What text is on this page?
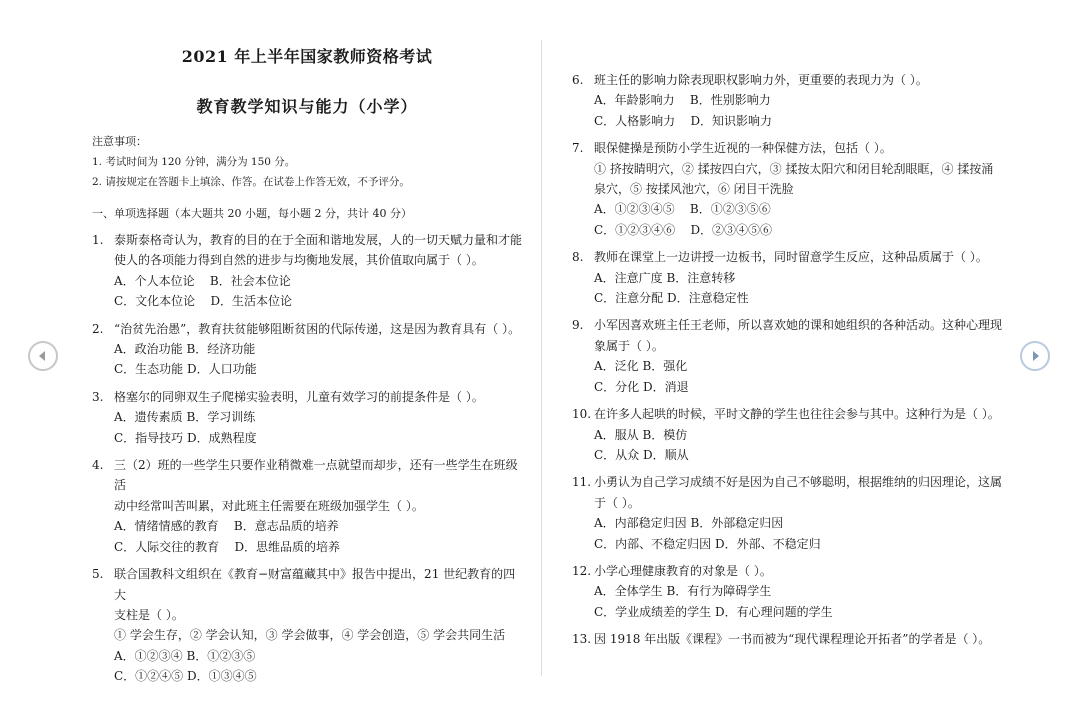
2021 年上半年国家教师资格考试
教育教学知识与能力（小学）
注意事项：
1. 考试时间为 120 分钟，满分为 150 分。
2. 请按规定在答题卡上填涂、作答。在试卷上作答无效，不予评分。
一、单项选择题（本大题共 20 小题，每小题 2 分，共计 40 分）
1. 泰斯泰格奇认为，教育的目的在于全面和谐地发展，人的一切天赋力量和才能
使人的各项能力得到自然的进步与均衡地发展，其价值取向属于（ ）。
A．个人本位论    B．社会本位论
C．文化本位论    D．生活本位论
2. “治贫先治愚”，教育扶贫能够阻断贫困的代际传递，这是因为教育具有（ ）。
A．政治功能 B．经济功能
C．生态功能 D．人口功能
3. 格塞尔的同卵双生子爬梯实验表明，儿童有效学习的前提条件是（ ）。
A．遗传素质 B．学习训练
C．指导技巧 D．成熟程度
4. 三（2）班的一些学生只要作业稍微难一点就望而却步，还有一些学生在班级活
动中经常叫苦叫累，对此班主任需要在班级加强学生（ ）。
A．情绪情感的教育    B．意志品质的培养
C．人际交往的教育    D．思维品质的培养
5. 联合国教科文组织在《教育−财富蕴藏其中》报告中提出，21 世纪教育的四大
支柱是（ ）。
① 学会生存，② 学会认知，③ 学会做事，④ 学会创造，⑤ 学会共同生活
A．①②③④ B．①②③⑤
C．①②④⑤ D．①③④⑤
6. 班主任的影响力除表现职权影响力外，更重要的表现力为（ ）。
A．年龄影响力    B．性别影响力
C．人格影响力    D．知识影响力
7. 眼保健操是预防小学生近视的一种保健方法，包括（ ）。
① 挤按睛明穴，② 揉按四白穴，③ 揉按太阳穴和闭目轮刮眼眶，④ 揉按涌
泉穴，⑤ 按揉风池穴，⑥ 闭目干洗脸
A．①②③④⑤    B．①②③⑤⑥
C．①②③④⑥    D．②③④⑤⑥
8. 教师在课堂上一边讲授一边板书，同时留意学生反应，这种品质属于（ ）。
A．注意广度 B．注意转移
C．注意分配 D．注意稳定性
9. 小军因喜欢班主任王老师，所以喜欢她的课和她组织的各种活动。这种心理现
象属于（ ）。
A．泛化 B．强化
C．分化 D．消退
10. 在许多人起哄的时候，平时文静的学生也往往会参与其中。这种行为是（ ）。
A．服从 B．模仿
C．从众 D．顺从
11. 小勇认为自己学习成绩不好是因为自己不够聪明，根据维纳的归因理论，这属
于（ ）。
A．内部稳定归因 B．外部稳定归因
C．内部、不稳定归因 D．外部、不稳定归
12. 小学心理健康教育的对象是（ ）。
A．全体学生 B．有行为障碍学生
C．学业成绩差的学生 D．有心理问题的学生
13. 因 1918 年出版《课程》一书而被为“现代课程理论开拓者”的学者是（ ）。
